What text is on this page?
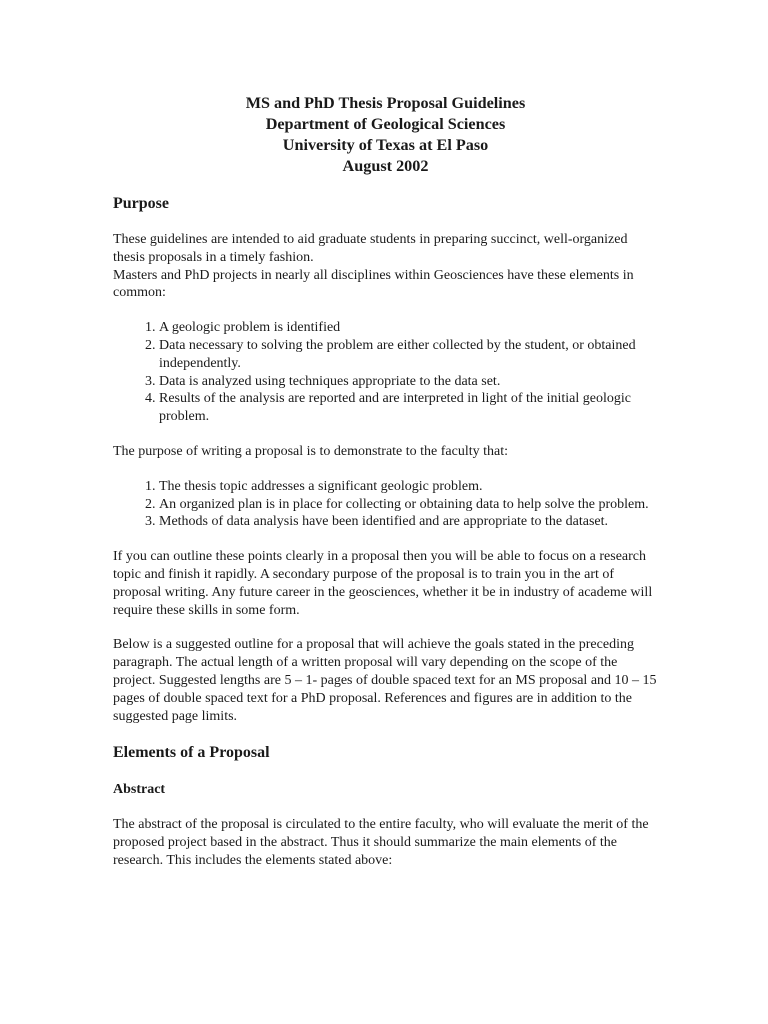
MS and PhD Thesis Proposal Guidelines
Department of Geological Sciences
University of Texas at El Paso
August 2002
Purpose

These guidelines are intended to aid graduate students in preparing succinct, well-organized thesis proposals in a timely fashion.

Masters and PhD projects in nearly all disciplines within Geosciences have these elements in common:

1. A geologic problem is identified
2. Data necessary to solving the problem are either collected by the student, or obtained independently.
3. Data is analyzed using techniques appropriate to the data set.
4. Results of the analysis are reported and are interpreted in light of the initial geologic problem.

The purpose of writing a proposal is to demonstrate to the faculty that:

1. The thesis topic addresses a significant geologic problem.
2. An organized plan is in place for collecting or obtaining data to help solve the problem.
3. Methods of data analysis have been identified and are appropriate to the dataset.

If you can outline these points clearly in a proposal then you will be able to focus on a research topic and finish it rapidly. A secondary purpose of the proposal is to train you in the art of proposal writing. Any future career in the geosciences, whether it be in industry of academe will require these skills in some form.

Below is a suggested outline for a proposal that will achieve the goals stated in the preceding paragraph. The actual length of a written proposal will vary depending on the scope of the project. Suggested lengths are 5 – 1- pages of double spaced text for an MS proposal and 10 – 15 pages of double spaced text for a PhD proposal. References and figures are in addition to the suggested page limits.

Elements of a Proposal
Abstract

The abstract of the proposal is circulated to the entire faculty, who will evaluate the merit of the proposed project based in the abstract. Thus it should summarize the main elements of the research. This includes the elements stated above:
